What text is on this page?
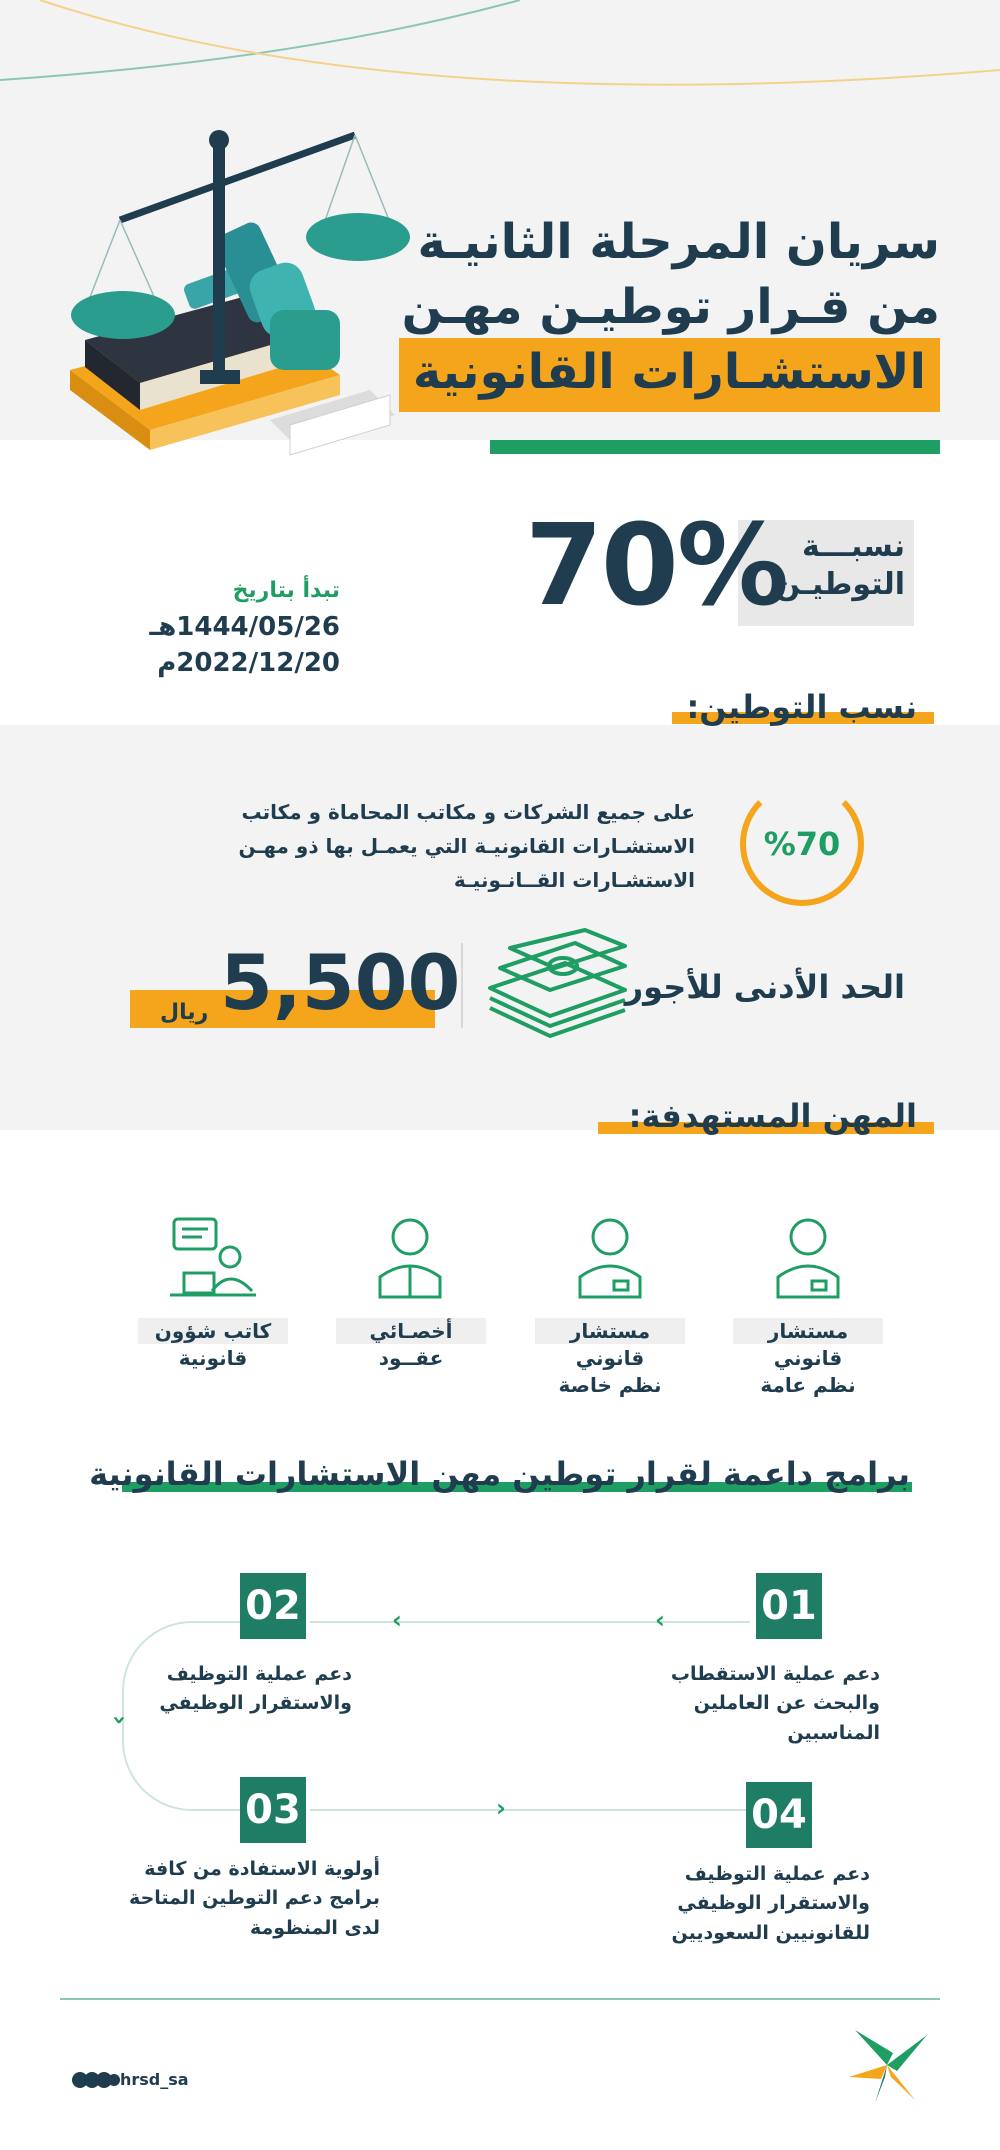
سريان المرحلة الثانيـة
من قـرار توطيـن مهـن
الاستشـارات القانونية
نسبـــة
التوطيـن
70%
تبدأ بتاريخ
1444/05/26هـ
2022/12/20م
نسب التوطين:
على جميع الشركات و مكاتب المحاماة و مكاتب الاستشـارات القانونيـة التي يعمـل بها ذو مهـن الاستشـارات القــانـونيـة
%70
الحد الأدنى للأجور
5,500
ريال
المهن المستهدفة:
مستشار قانوني
نظم عامة
مستشار قانوني
نظم خاصة
أخصـائي
عقــود
كاتب شؤون
قانونية
برامج داعمة لقرار توطين مهن الاستشارات القانونية
‹
‹
‹
›
01
دعم عملية الاستقطاب
والبحث عن العاملين
المناسبين
02
دعم عملية التوظيف
والاستقرار الوظيفي
03
أولوية الاستفادة من كافة
برامج دعم التوطين المتاحة
لدى المنظومة
04
دعم عملية التوظيف
والاستقرار الوظيفي
للقانونيين السعوديين
hrsd_sa
